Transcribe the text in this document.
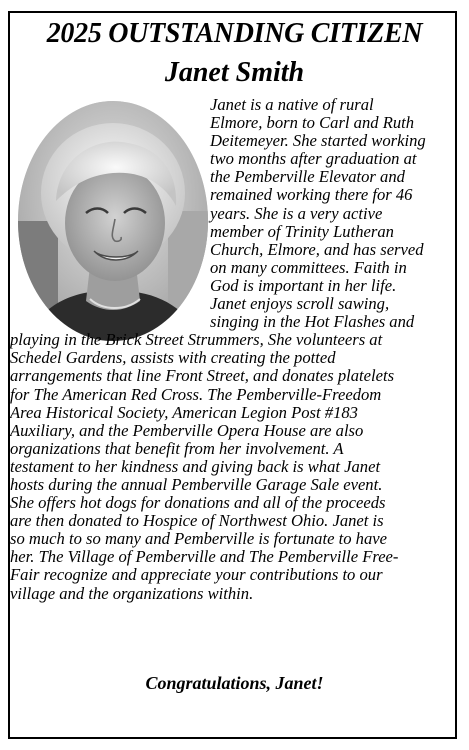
2025 OUTSTANDING CITIZEN
Janet Smith
Janet is a native of rural
Elmore, born to Carl and Ruth
Deitemeyer. She started working
two months after graduation at
the Pemberville Elevator and
remained working there for 46
years. She is a very active
member of Trinity Lutheran
Church, Elmore, and has served
on many committees. Faith in
God is important in her life.
Janet enjoys scroll sawing,
singing in the Hot Flashes and
playing in the Brick Street Strummers, She volunteers at
Schedel Gardens, assists with creating the potted
arrangements that line Front Street, and donates platelets
for The American Red Cross. The Pemberville-Freedom
Area Historical Society, American Legion Post #183
Auxiliary, and the Pemberville Opera House are also
organizations that benefit from her involvement. A
testament to her kindness and giving back is what Janet
hosts during the annual Pemberville Garage Sale event.
She offers hot dogs for donations and all of the proceeds
are then donated to Hospice of Northwest Ohio. Janet is
so much to so many and Pemberville is fortunate to have
her. The Village of Pemberville and The Pemberville Free-
Fair recognize and appreciate your contributions to our
village and the organizations within.

Congratulations, Janet!
